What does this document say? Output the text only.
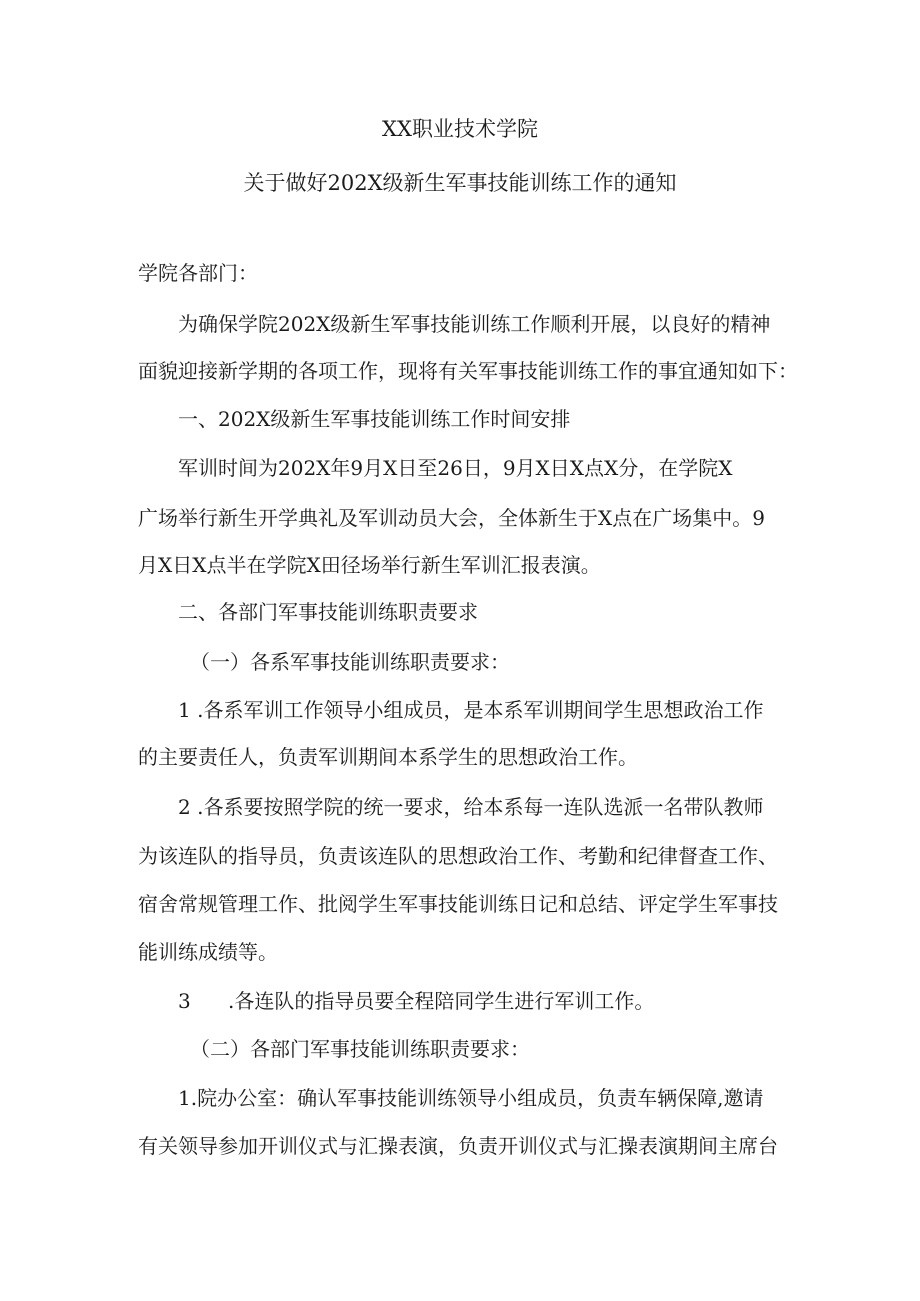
XX职业技术学院
关于做好202X级新生军事技能训练工作的通知
学院各部门：
为确保学院202X级新生军事技能训练工作顺利开展，以良好的精神
面貌迎接新学期的各项工作，现将有关军事技能训练工作的事宜通知如下：
一、202X级新生军事技能训练工作时间安排
军训时间为202X年9月X日至26日，9月X日X点X分，在学院X
广场举行新生开学典礼及军训动员大会，全体新生于X点在广场集中。9
月X日X点半在学院X田径场举行新生军训汇报表演。
二、各部门军事技能训练职责要求
（一）各系军事技能训练职责要求：
1 .各系军训工作领导小组成员，是本系军训期间学生思想政治工作
的主要责任人，负责军训期间本系学生的思想政治工作。
2 .各系要按照学院的统一要求，给本系每一连队选派一名带队教师
为该连队的指导员，负责该连队的思想政治工作、考勤和纪律督查工作、
宿舍常规管理工作、批阅学生军事技能训练日记和总结、评定学生军事技
能训练成绩等。
3 .各连队的指导员要全程陪同学生进行军训工作。
（二）各部门军事技能训练职责要求：
1.院办公室：确认军事技能训练领导小组成员，负责车辆保障,邀请
有关领导参加开训仪式与汇操表演，负责开训仪式与汇操表演期间主席台
